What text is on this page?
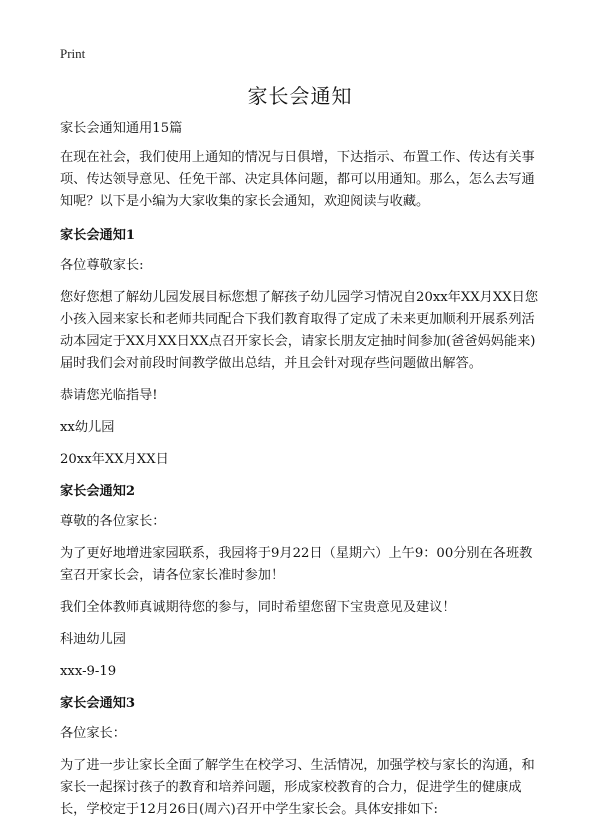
Print
家长会通知

家长会通知通用15篇

在现在社会，我们使用上通知的情况与日俱增，下达指示、布置工作、传达有关事项、传达领导意见、任免干部、决定具体问题，都可以用通知。那么，怎么去写通知呢？以下是小编为大家收集的家长会通知，欢迎阅读与收藏。

家长会通知1

各位尊敬家长:

您好您想了解幼儿园发展目标您想了解孩子幼儿园学习情况自20xx年XX月XX日您小孩入园来家长和老师共同配合下我们教育取得了定成了未来更加顺利开展系列活动本园定于XX月XX日XX点召开家长会，请家长朋友定抽时间参加(爸爸妈妈能来)届时我们会对前段时间教学做出总结，并且会针对现存些问题做出解答。

恭请您光临指导!

xx幼儿园

20xx年XX月XX日

家长会通知2

尊敬的各位家长：

为了更好地增进家园联系，我园将于9月22日（星期六）上午9：00分别在各班教室召开家长会，请各位家长准时参加！

我们全体教师真诚期待您的参与，同时希望您留下宝贵意见及建议！

科迪幼儿园

xxx-9-19

家长会通知3

各位家长：

为了进一步让家长全面了解学生在校学习、生活情况，加强学校与家长的沟通，和家长一起探讨孩子的教育和培养问题，形成家校教育的合力，促进学生的健康成长，学校定于12月26日(周六)召开中学生家长会。具体安排如下:
